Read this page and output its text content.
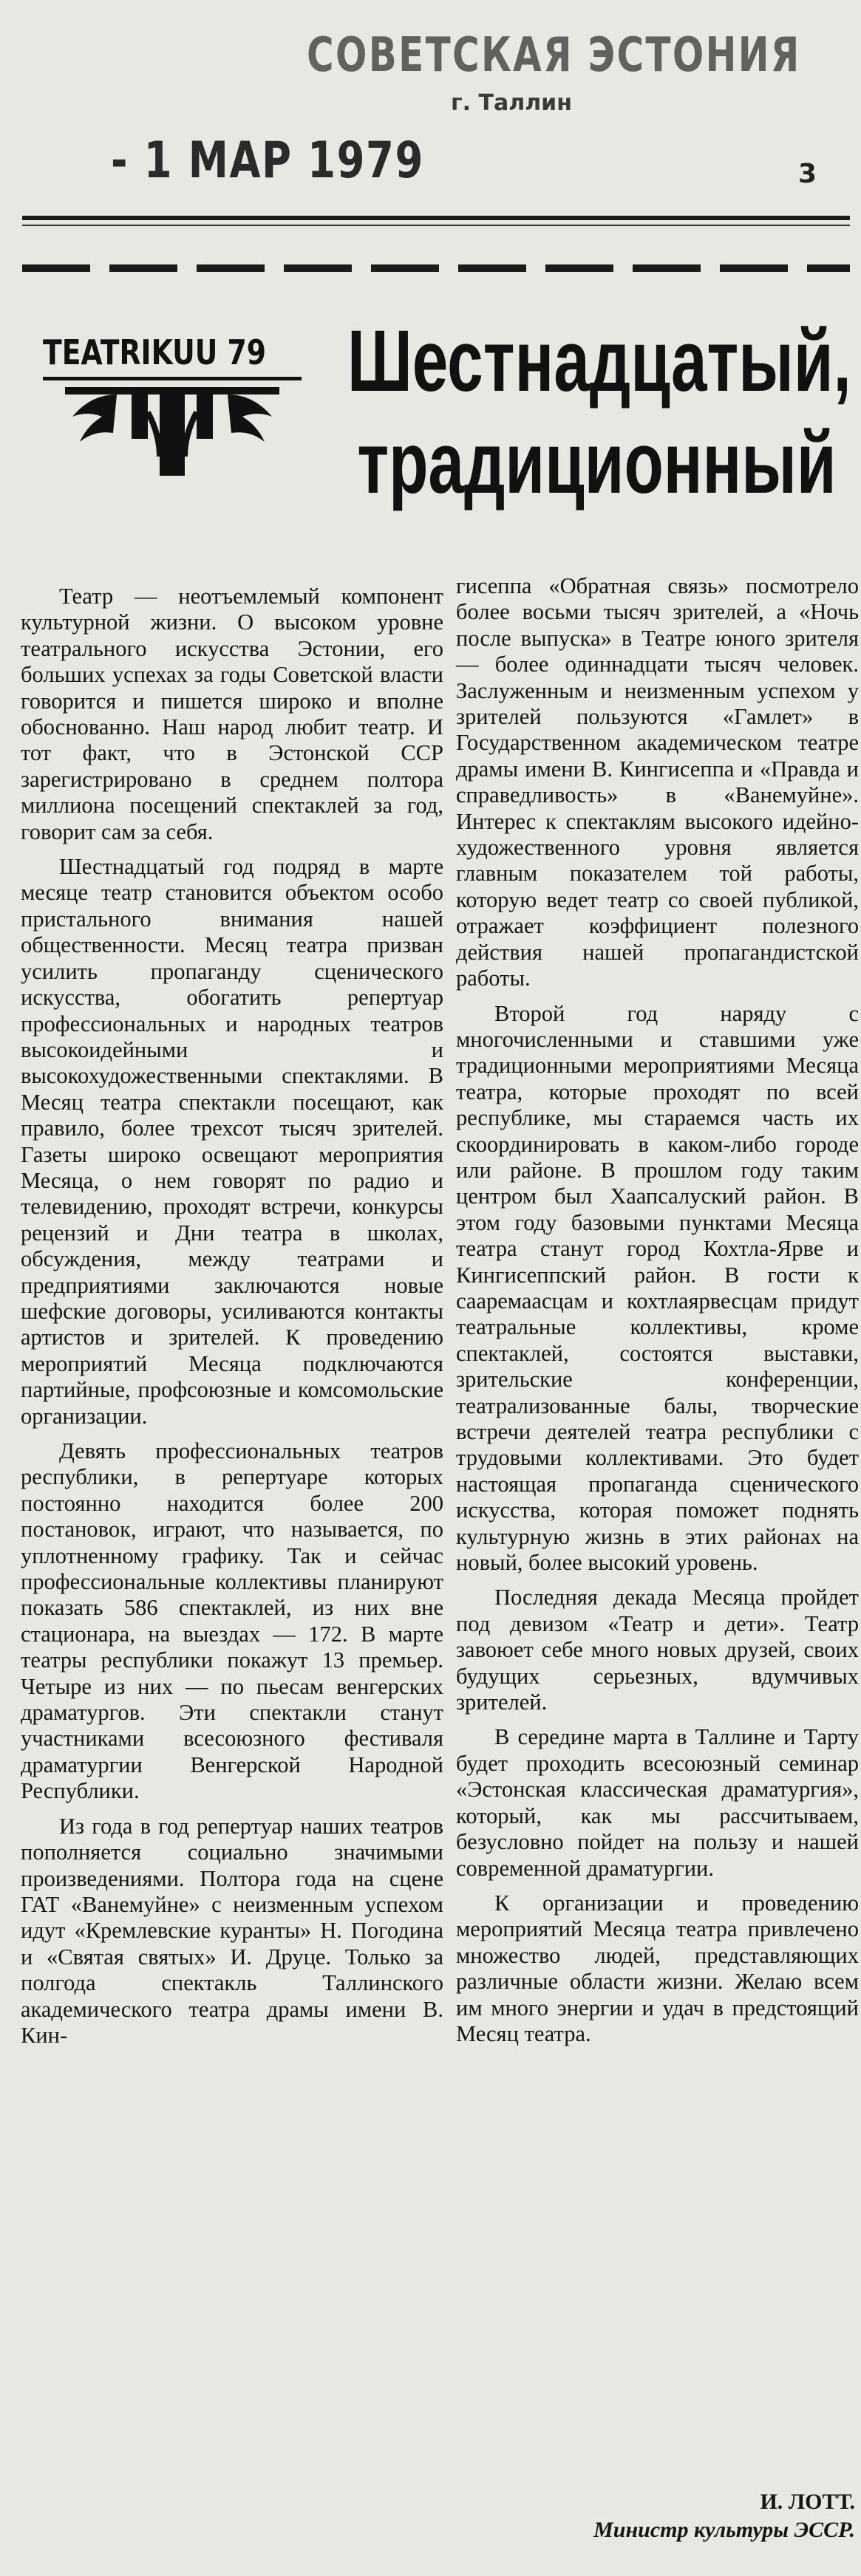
СОВЕТСКАЯ ЭСТОНИЯ
г. Таллин
- 1 МАР 1979	3
TEATRIKUU 79 Шестнадцатый,
традиционный

Театр — неотъемлемый компонент культурной жизни. О высоком уровне театрального искусства Эстонии, его больших успехах за годы Советской власти говорится и пишется широко и вполне обоснованно. Наш народ любит театр. И тот факт, что в Эстонской ССР зарегистрировано в среднем полтора миллиона посещений спектаклей за год, говорит сам за себя.

Шестнадцатый год подряд в марте месяце театр становится объектом особо пристального внимания нашей общественности. Месяц театра призван усилить пропаганду сценического искусства, обогатить репертуар профессиональных и народных театров высокоидейными и высокохудожественными спектаклями. В Месяц театра спектакли посещают, как правило, более трехсот тысяч зрителей. Газеты широко освещают мероприятия Месяца, о нем говорят по радио и телевидению, проходят встречи, конкурсы рецензий и Дни театра в школах, обсуждения, между театрами и предприятиями заключаются новые шефские договоры, усиливаются контакты артистов и зрителей. К проведению мероприятий Месяца подключаются партийные, профсоюзные и комсомольские организации.

Девять профессиональных театров республики, в репертуаре которых постоянно находится более 200 постановок, играют, что называется, по уплотненному графику. Так и сейчас профессиональные коллективы планируют показать 586 спектаклей, из них вне стационара, на выездах — 172. В марте театры республики покажут 13 премьер. Четыре из них — по пьесам венгерских драматургов. Эти спектакли станут участниками всесоюзного фестиваля драматургии Венгерской Народной Республики.

Из года в год репертуар наших театров пополняется социально значимыми произведениями. Полтора года на сцене ГАТ «Ванемуйне» с неизменным успехом идут «Кремлевские куранты» Н. Погодина и «Святая святых» И. Друце. Только за полгода спектакль Таллинского академического театра драмы имени В. Кин-

гисеппа «Обратная связь» посмотрело более восьми тысяч зрителей, а «Ночь после выпуска» в Театре юного зрителя — более одиннадцати тысяч человек. Заслуженным и неизменным успехом у зрителей пользуются «Гамлет» в Государственном академическом театре драмы имени В. Кингисеппа и «Правда и справедливость» в «Ванемуйне». Интерес к спектаклям высокого идейно-художественного уровня является главным показателем той работы, которую ведет театр со своей публикой, отражает коэффициент полезного действия нашей пропагандистской работы.

Второй год наряду с многочисленными и ставшими уже традиционными мероприятиями Месяца театра, которые проходят по всей республике, мы стараемся часть их скоординировать в каком-либо городе или районе. В прошлом году таким центром был Хаапсалуский район. В этом году базовыми пунктами Месяца театра станут город Кохтла-Ярве и Кингисеппский район. В гости к сааремаасцам и кохтлаярвесцам придут театральные коллективы, кроме спектаклей, состоятся выставки, зрительские конференции, театрализованные балы, творческие встречи деятелей театра республики с трудовыми коллективами. Это будет настоящая пропаганда сценического искусства, которая поможет поднять культурную жизнь в этих районах на новый, более высокий уровень.

Последняя декада Месяца пройдет под девизом «Театр и дети». Театр завоюет себе много новых друзей, своих будущих серьезных, вдумчивых зрителей.

В середине марта в Таллине и Тарту будет проходить всесоюзный семинар «Эстонская классическая драматургия», который, как мы рассчитываем, безусловно пойдет на пользу и нашей современной драматургии.

К организации и проведению мероприятий Месяца театра привлечено множество людей, представляющих различные области жизни. Желаю всем им много энергии и удач в предстоящий Месяц театра.

И. ЛОТТ.
Министр культуры ЭССР.
